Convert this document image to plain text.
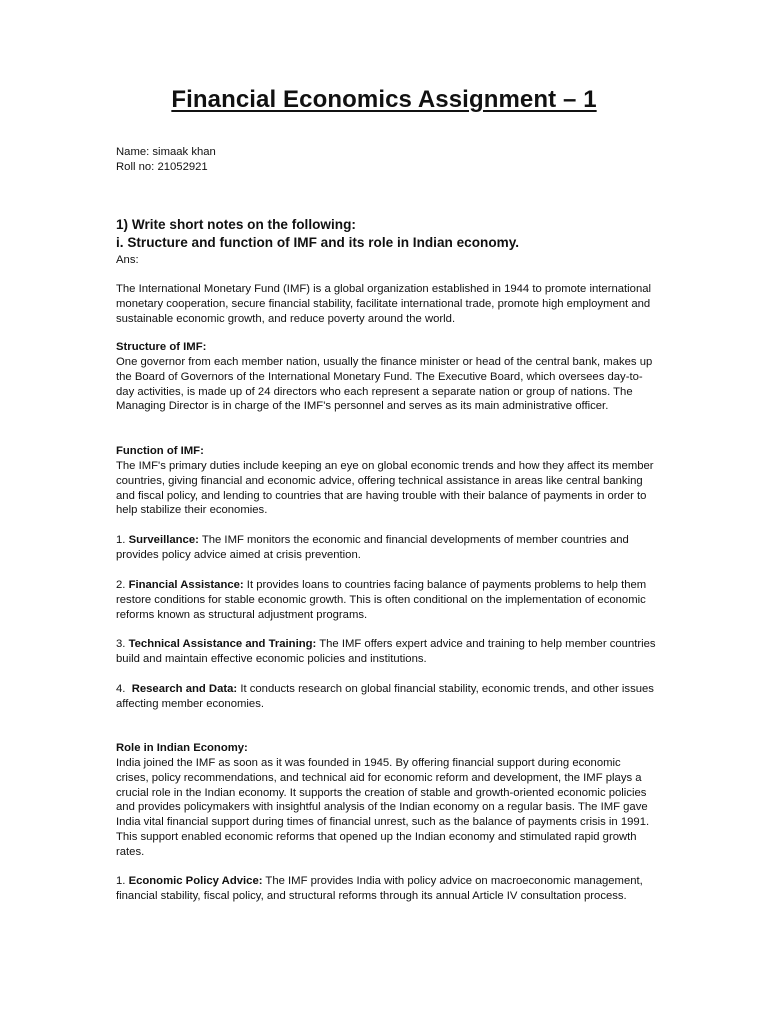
Financial Economics Assignment – 1
Name: simaak khan
Roll no: 21052921
1) Write short notes on the following:
i. Structure and function of IMF and its role in Indian economy.
Ans:

The International Monetary Fund (IMF) is a global organization established in 1944 to promote international monetary cooperation, secure financial stability, facilitate international trade, promote high employment and sustainable economic growth, and reduce poverty around the world.

Structure of IMF:

One governor from each member nation, usually the finance minister or head of the central bank, makes up the Board of Governors of the International Monetary Fund. The Executive Board, which oversees day-to-day activities, is made up of 24 directors who each represent a separate nation or group of nations. The Managing Director is in charge of the IMF's personnel and serves as its main administrative officer.

Function of IMF:

The IMF's primary duties include keeping an eye on global economic trends and how they affect its member countries, giving financial and economic advice, offering technical assistance in areas like central banking and fiscal policy, and lending to countries that are having trouble with their balance of payments in order to help stabilize their economies.

1. Surveillance: The IMF monitors the economic and financial developments of member countries and provides policy advice aimed at crisis prevention.

2. Financial Assistance: It provides loans to countries facing balance of payments problems to help them restore conditions for stable economic growth. This is often conditional on the implementation of economic reforms known as structural adjustment programs.

3. Technical Assistance and Training: The IMF offers expert advice and training to help member countries build and maintain effective economic policies and institutions.

4.  Research and Data: It conducts research on global financial stability, economic trends, and other issues affecting member economies.

Role in Indian Economy:

India joined the IMF as soon as it was founded in 1945. By offering financial support during economic crises, policy recommendations, and technical aid for economic reform and development, the IMF plays a crucial role in the Indian economy. It supports the creation of stable and growth-oriented economic policies and provides policymakers with insightful analysis of the Indian economy on a regular basis. The IMF gave India vital financial support during times of financial unrest, such as the balance of payments crisis in 1991. This support enabled economic reforms that opened up the Indian economy and stimulated rapid growth rates.

1. Economic Policy Advice: The IMF provides India with policy advice on macroeconomic management, financial stability, fiscal policy, and structural reforms through its annual Article IV consultation process.
